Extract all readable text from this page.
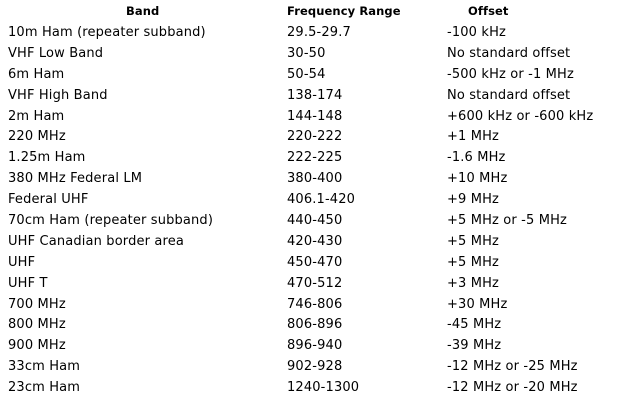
Band	Frequency Range	Offset
10m Ham (repeater subband)	29.5-29.7	-100 kHz
VHF Low Band	30-50	No standard offset
6m Ham	50-54	-500 kHz or -1 MHz
VHF High Band	138-174	No standard offset
2m Ham	144-148	+600 kHz or -600 kHz
220 MHz	220-222	+1 MHz
1.25m Ham	222-225	-1.6 MHz
380 MHz Federal LM	380-400	+10 MHz
Federal UHF	406.1-420	+9 MHz
70cm Ham (repeater subband)	440-450	+5 MHz or -5 MHz
UHF Canadian border area	420-430	+5 MHz
UHF	450-470	+5 MHz
UHF T	470-512	+3 MHz
700 MHz	746-806	+30 MHz
800 MHz	806-896	-45 MHz
900 MHz	896-940	-39 MHz
33cm Ham	902-928	-12 MHz or -25 MHz
23cm Ham	1240-1300	-12 MHz or -20 MHz
